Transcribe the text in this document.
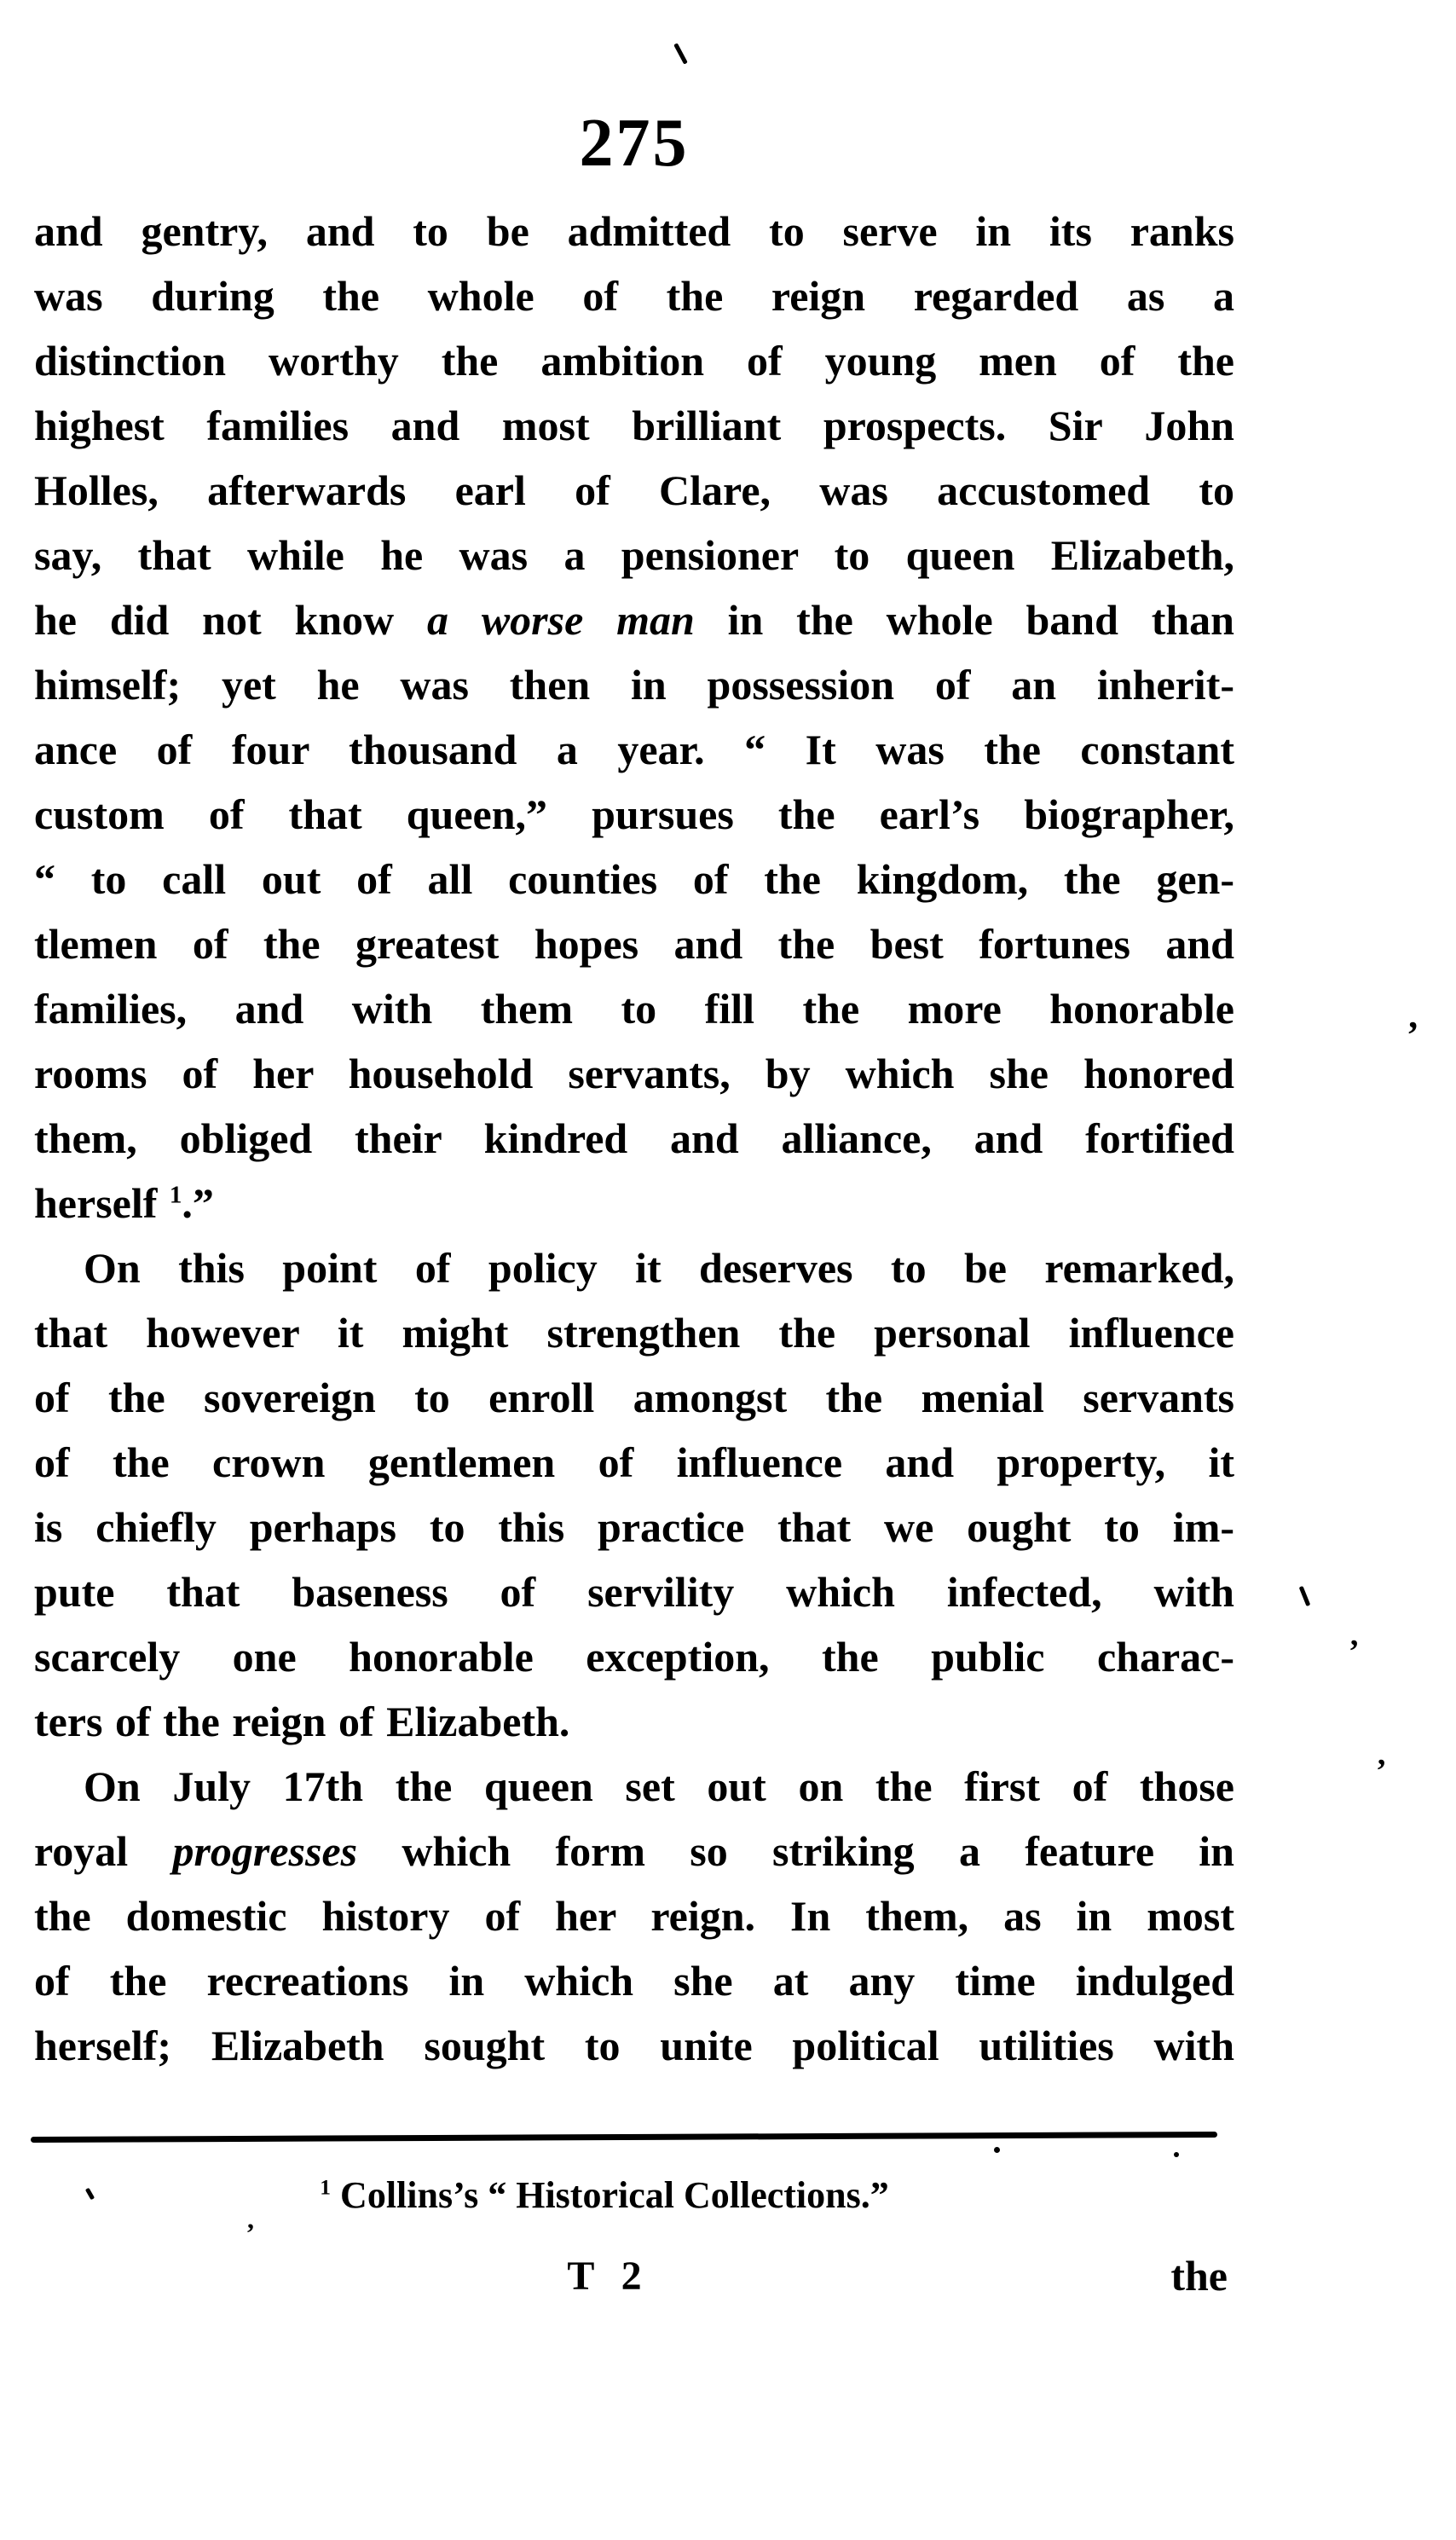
275
and gentry, and to be admitted to serve in its ranks
was during the whole of the reign regarded as a
distinction worthy the ambition of young men of the
highest families and most brilliant prospects. Sir John
Holles, afterwards earl of Clare, was accustomed to
say, that while he was a pensioner to queen Elizabeth,
he did not know a worse man in the whole band than
himself; yet he was then in possession of an inherit-
ance of four thousand a year. “ It was the constant
custom of that queen,” pursues the earl’s biographer,
“ to call out of all counties of the kingdom, the gen-
tlemen of the greatest hopes and the best fortunes and
families, and with them to fill the more honorable
rooms of her household servants, by which she honored
them, obliged their kindred and alliance, and fortified
herself $^1$.”
On this point of policy it deserves to be remarked,
that however it might strengthen the personal influence
of the sovereign to enroll amongst the menial servants
of the crown gentlemen of influence and property, it
is chiefly perhaps to this practice that we ought to im-
pute that baseness of servility which infected, with
scarcely one honorable exception, the public charac-
ters of the reign of Elizabeth.
On July 17th the queen set out on the first of those
royal progresses which form so striking a feature in
the domestic history of her reign. In them, as in most
of the recreations in which she at any time indulged
herself; Elizabeth sought to unite political utilities with
$^1$ Collins’s “ Historical Collections.”
T 2	the
’
’
’
,
